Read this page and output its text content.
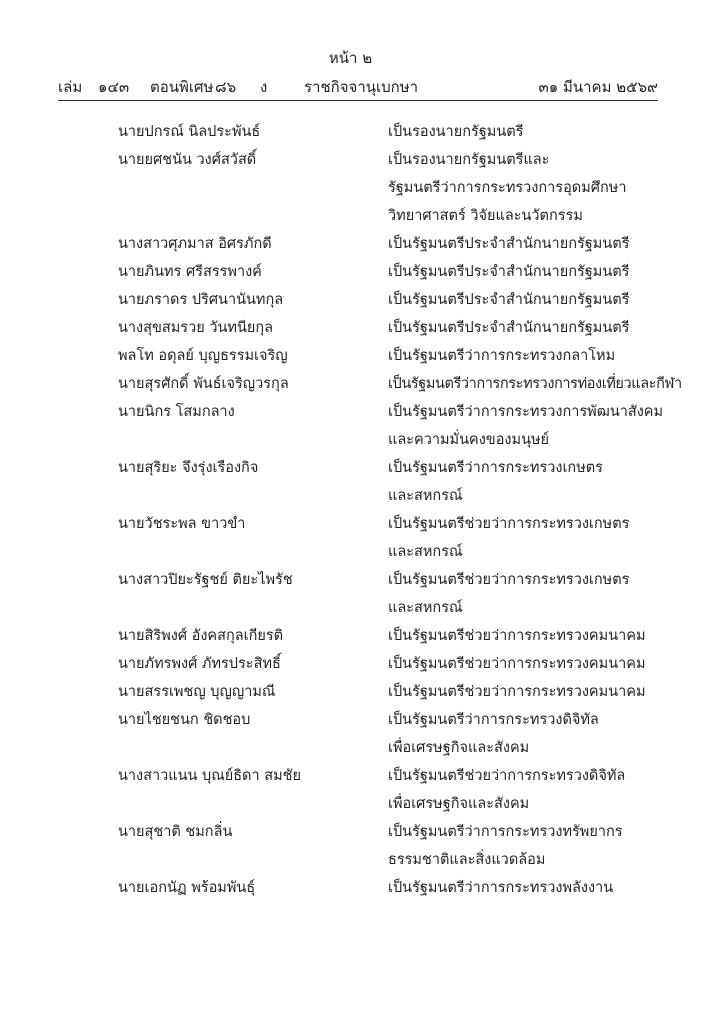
หน้า ๒
เล่ม ๑๔๓ ตอนพิเศษ ๘๖ ง ราชกิจจานุเบกษา	๓๑ มีนาคม ๒๕๖๙
นายปกรณ์ นิลประพันธ์	เป็นรองนายกรัฐมนตรี
นายยศชนัน วงศ์สวัสดิ์	เป็นรองนายกรัฐมนตรีและ
รัฐมนตรีว่าการกระทรวงการอุดมศึกษา
วิทยาศาสตร์ วิจัยและนวัตกรรม
นางสาวศุภมาส อิศรภักดี	เป็นรัฐมนตรีประจำสำนักนายกรัฐมนตรี
นายภินทร ศรีสรรพางค์	เป็นรัฐมนตรีประจำสำนักนายกรัฐมนตรี
นายภราดร ปริศนานันทกุล	เป็นรัฐมนตรีประจำสำนักนายกรัฐมนตรี
นางสุขสมรวย วันทนียกุล	เป็นรัฐมนตรีประจำสำนักนายกรัฐมนตรี
พลโท อดุลย์ บุญธรรมเจริญ	เป็นรัฐมนตรีว่าการกระทรวงกลาโหม
นายสุรศักดิ์ พันธ์เจริญวรกุล	เป็นรัฐมนตรีว่าการกระทรวงการท่องเที่ยวและกีฬา
นายนิกร โสมกลาง	เป็นรัฐมนตรีว่าการกระทรวงการพัฒนาสังคม
และความมั่นคงของมนุษย์
นายสุริยะ จึงรุ่งเรืองกิจ	เป็นรัฐมนตรีว่าการกระทรวงเกษตร
และสหกรณ์
นายวัชระพล ขาวขำ	เป็นรัฐมนตรีช่วยว่าการกระทรวงเกษตร
และสหกรณ์
นางสาวปิยะรัฐชย์ ติยะไพรัช	เป็นรัฐมนตรีช่วยว่าการกระทรวงเกษตร
และสหกรณ์
นายสิริพงศ์ อังคสกุลเกียรติ	เป็นรัฐมนตรีช่วยว่าการกระทรวงคมนาคม
นายภัทรพงศ์ ภัทรประสิทธิ์	เป็นรัฐมนตรีช่วยว่าการกระทรวงคมนาคม
นายสรรเพชญ บุญญามณี	เป็นรัฐมนตรีช่วยว่าการกระทรวงคมนาคม
นายไชยชนก ชิดชอบ	เป็นรัฐมนตรีว่าการกระทรวงดิจิทัล
เพื่อเศรษฐกิจและสังคม
นางสาวแนน บุณย์ธิดา สมชัย	เป็นรัฐมนตรีช่วยว่าการกระทรวงดิจิทัล
เพื่อเศรษฐกิจและสังคม
นายสุชาติ ชมกลิ่น	เป็นรัฐมนตรีว่าการกระทรวงทรัพยากร
ธรรมชาติและสิ่งแวดล้อม
นายเอกนัฏ พร้อมพันธุ์	เป็นรัฐมนตรีว่าการกระทรวงพลังงาน
